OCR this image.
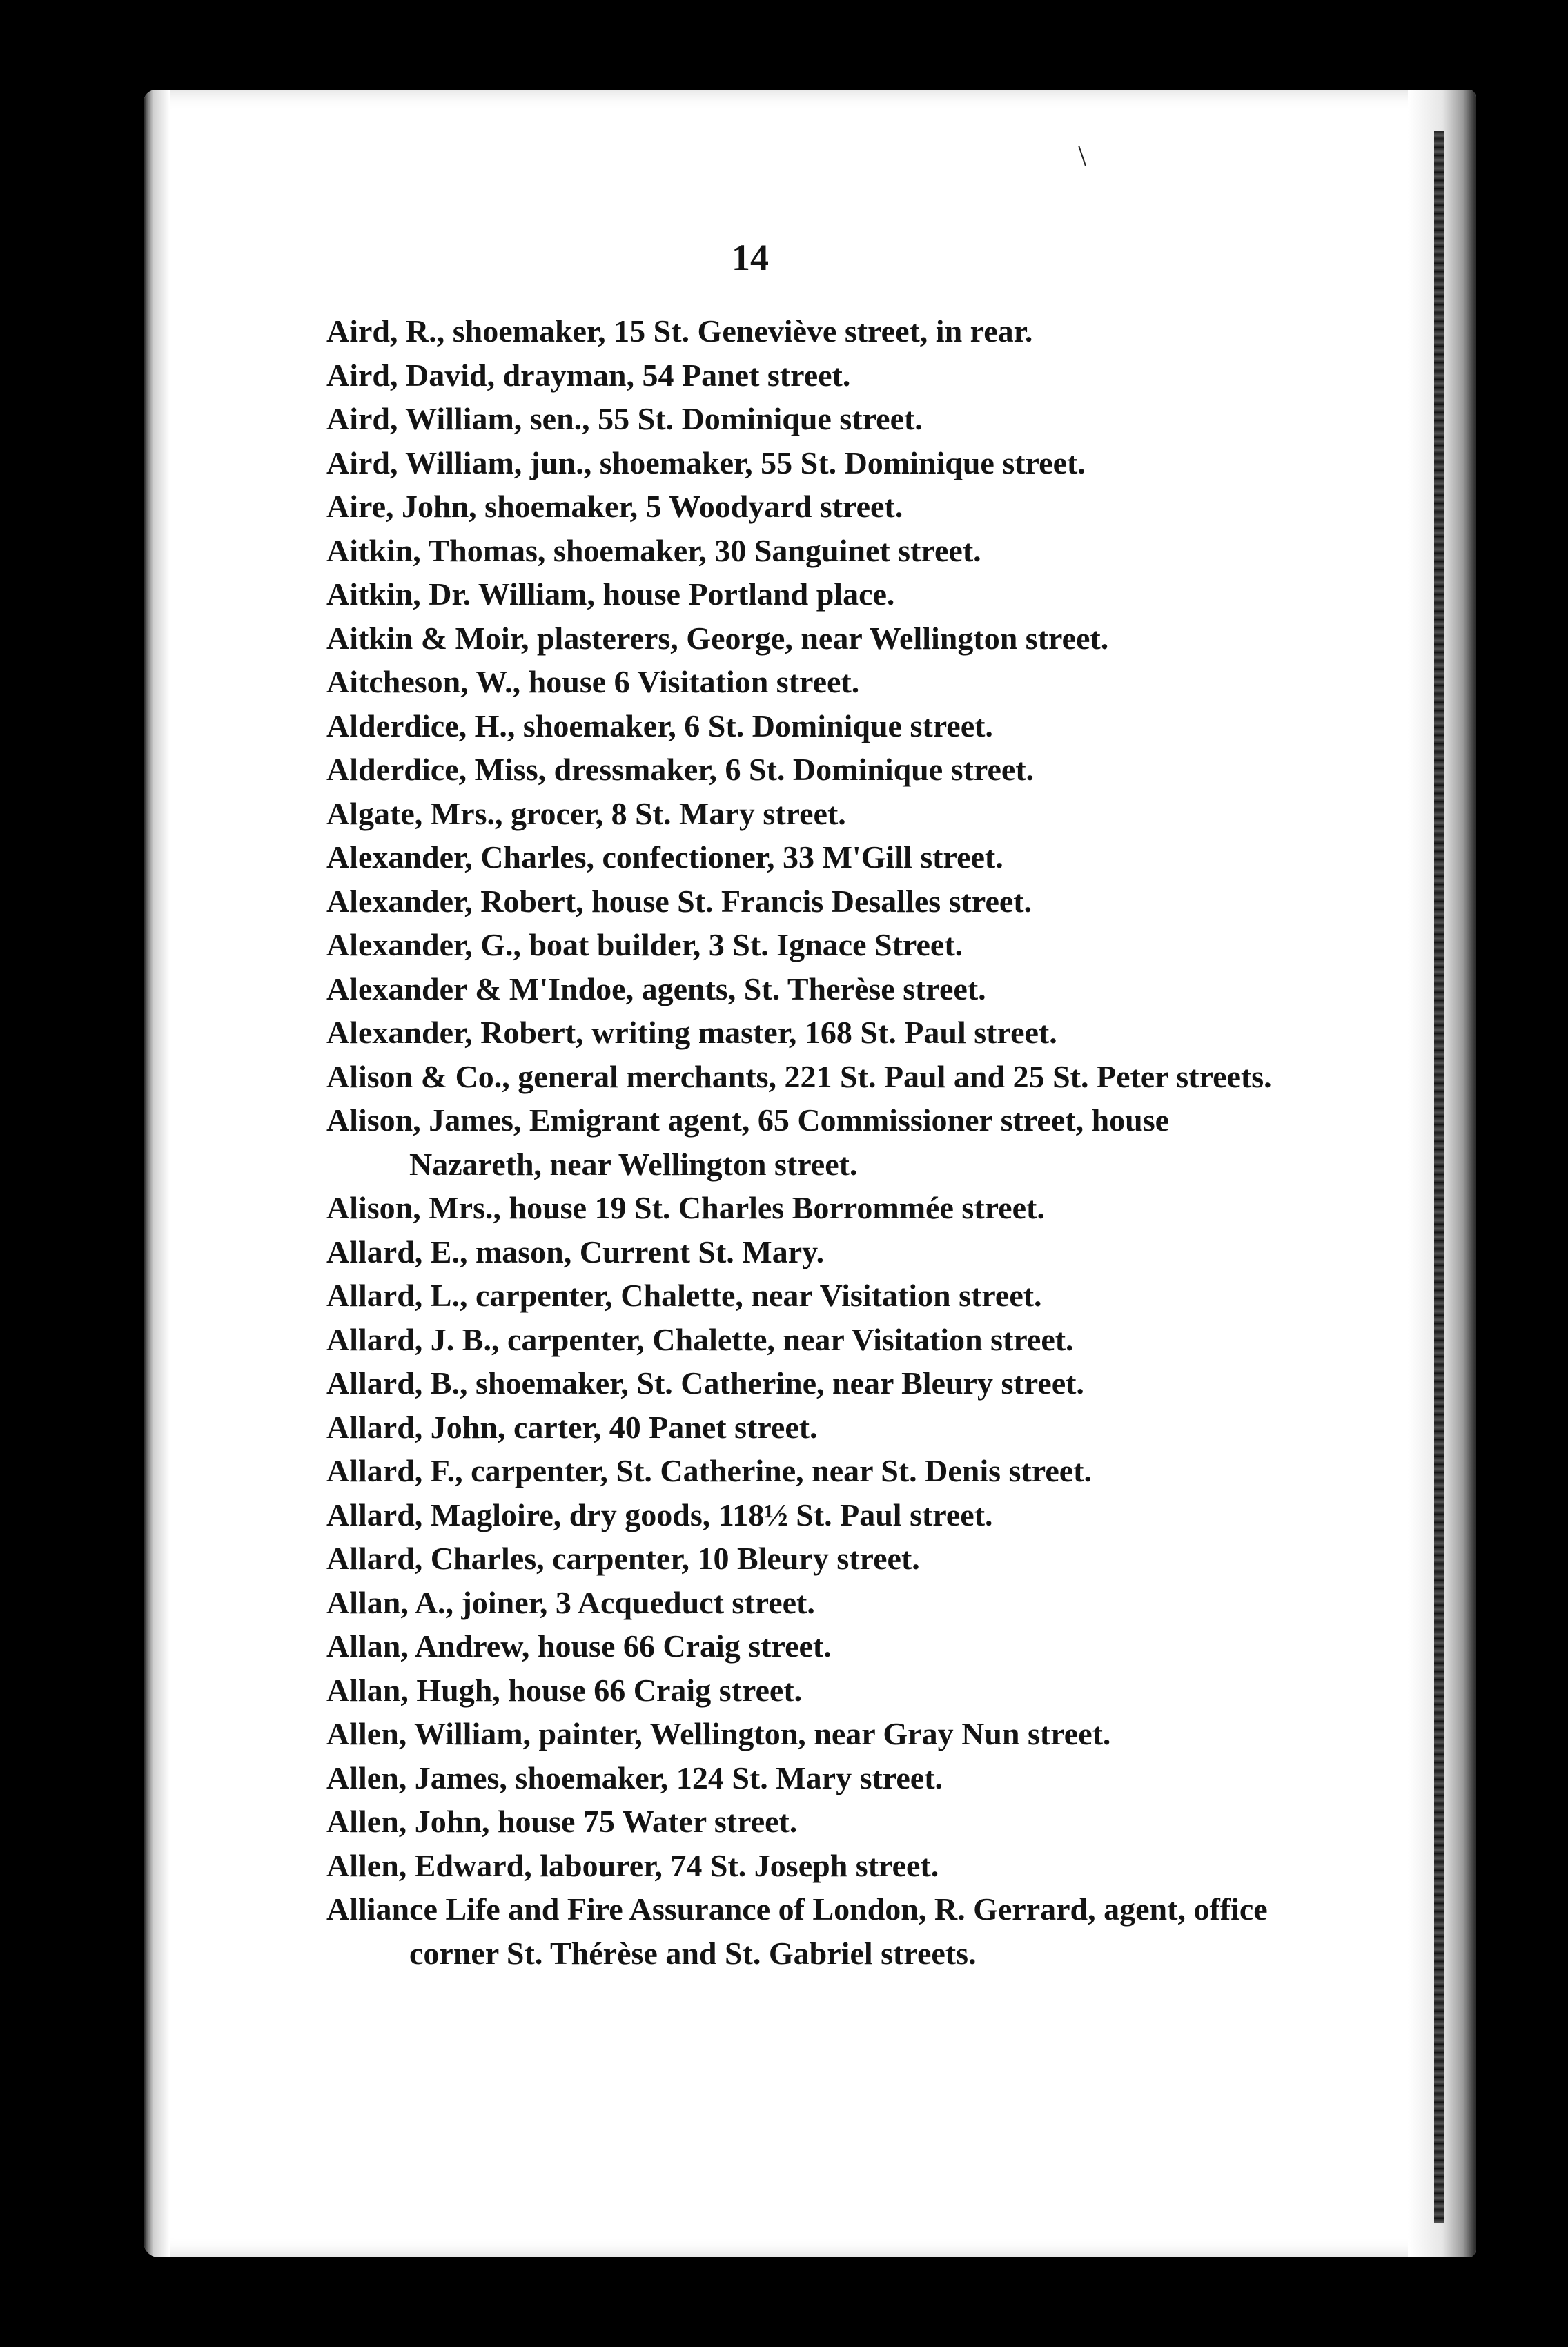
\
14
Aird, R., shoemaker, 15 St. Geneviève street, in rear.
Aird, David, drayman, 54 Panet street.
Aird, William, sen., 55 St. Dominique street.
Aird, William, jun., shoemaker, 55 St. Dominique street.
Aire, John, shoemaker, 5 Woodyard street.
Aitkin, Thomas, shoemaker, 30 Sanguinet street.
Aitkin, Dr. William, house Portland place.
Aitkin & Moir, plasterers, George, near Wellington street.
Aitcheson, W., house 6 Visitation street.
Alderdice, H., shoemaker, 6 St. Dominique street.
Alderdice, Miss, dressmaker, 6 St. Dominique street.
Algate, Mrs., grocer, 8 St. Mary street.
Alexander, Charles, confectioner, 33 M'Gill street.
Alexander, Robert, house St. Francis Desalles street.
Alexander, G., boat builder, 3 St. Ignace Street.
Alexander & M'Indoe, agents, St. Therèse street.
Alexander, Robert, writing master, 168 St. Paul street.
Alison & Co., general merchants, 221 St. Paul and 25 St. Peter streets.
Alison, James, Emigrant agent, 65 Commissioner street, house Nazareth, near Wellington street.
Alison, Mrs., house 19 St. Charles Borrommée street.
Allard, E., mason, Current St. Mary.
Allard, L., carpenter, Chalette, near Visitation street.
Allard, J. B., carpenter, Chalette, near Visitation street.
Allard, B., shoemaker, St. Catherine, near Bleury street.
Allard, John, carter, 40 Panet street.
Allard, F., carpenter, St. Catherine, near St. Denis street.
Allard, Magloire, dry goods, 118½ St. Paul street.
Allard, Charles, carpenter, 10 Bleury street.
Allan, A., joiner, 3 Acqueduct street.
Allan, Andrew, house 66 Craig street.
Allan, Hugh, house 66 Craig street.
Allen, William, painter, Wellington, near Gray Nun street.
Allen, James, shoemaker, 124 St. Mary street.
Allen, John, house 75 Water street.
Allen, Edward, labourer, 74 St. Joseph street.
Alliance Life and Fire Assurance of London, R. Gerrard, agent, office corner St. Thérèse and St. Gabriel streets.
